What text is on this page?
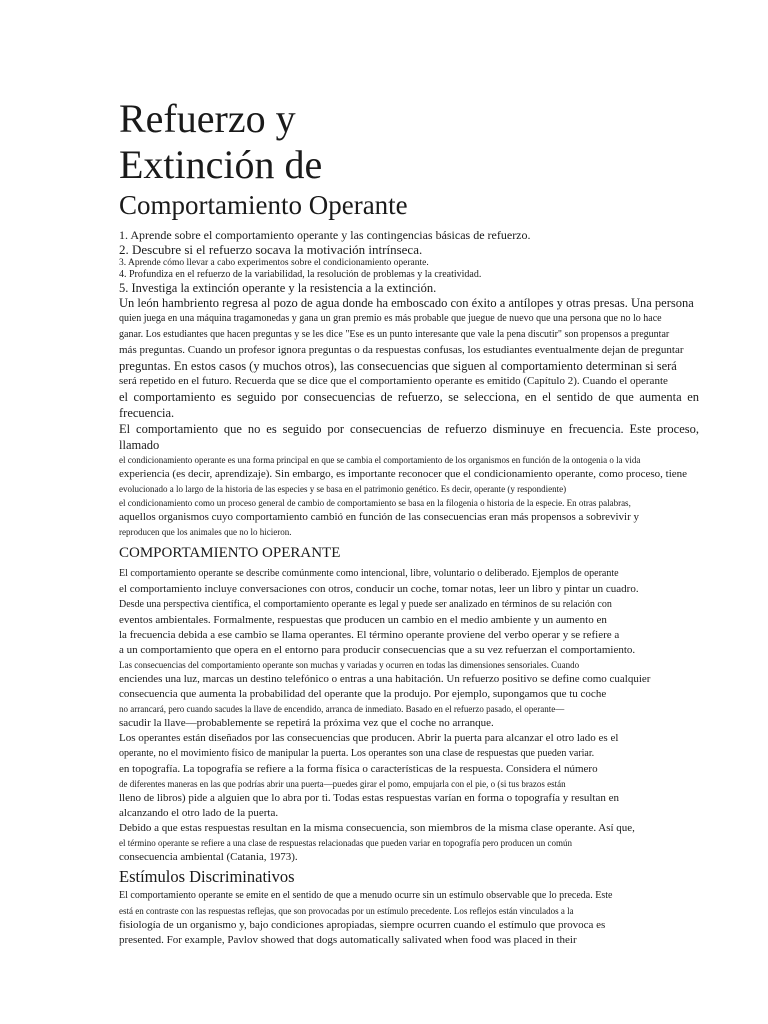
Refuerzo y
Extinción de
Comportamiento Operante

1. Aprende sobre el comportamiento operante y las contingencias básicas de refuerzo.

2. Descubre si el refuerzo socava la motivación intrínseca.

3. Aprende cómo llevar a cabo experimentos sobre el condicionamiento operante.

4. Profundiza en el refuerzo de la variabilidad, la resolución de problemas y la creatividad.

5. Investiga la extinción operante y la resistencia a la extinción.

Un león hambriento regresa al pozo de agua donde ha emboscado con éxito a antílopes y otras presas. Una persona

quien juega en una máquina tragamonedas y gana un gran premio es más probable que juegue de nuevo que una persona que no lo hace

ganar. Los estudiantes que hacen preguntas y se les dice "Ese es un punto interesante que vale la pena discutir" son propensos a preguntar

más preguntas. Cuando un profesor ignora preguntas o da respuestas confusas, los estudiantes eventualmente dejan de preguntar

preguntas. En estos casos (y muchos otros), las consecuencias que siguen al comportamiento determinan si será

será repetido en el futuro. Recuerda que se dice que el comportamiento operante es emitido (Capítulo 2). Cuando el operante

el comportamiento es seguido por consecuencias de refuerzo, se selecciona, en el sentido de que aumenta en frecuencia.

El comportamiento que no es seguido por consecuencias de refuerzo disminuye en frecuencia. Este proceso, llamado

el condicionamiento operante es una forma principal en que se cambia el comportamiento de los organismos en función de la ontogenia o la vida

experiencia (es decir, aprendizaje). Sin embargo, es importante reconocer que el condicionamiento operante, como proceso, tiene

evolucionado a lo largo de la historia de las especies y se basa en el patrimonio genético. Es decir, operante (y respondiente)

el condicionamiento como un proceso general de cambio de comportamiento se basa en la filogenia o historia de la especie. En otras palabras,

aquellos organismos cuyo comportamiento cambió en función de las consecuencias eran más propensos a sobrevivir y

reproducen que los animales que no lo hicieron.

COMPORTAMIENTO OPERANTE

El comportamiento operante se describe comúnmente como intencional, libre, voluntario o deliberado. Ejemplos de operante

el comportamiento incluye conversaciones con otros, conducir un coche, tomar notas, leer un libro y pintar un cuadro.

Desde una perspectiva científica, el comportamiento operante es legal y puede ser analizado en términos de su relación con

eventos ambientales. Formalmente, respuestas que producen un cambio en el medio ambiente y un aumento en

la frecuencia debida a ese cambio se llama operantes. El término operante proviene del verbo operar y se refiere a

a un comportamiento que opera en el entorno para producir consecuencias que a su vez refuerzan el comportamiento.

Las consecuencias del comportamiento operante son muchas y variadas y ocurren en todas las dimensiones sensoriales. Cuando

enciendes una luz, marcas un destino telefónico o entras a una habitación. Un refuerzo positivo se define como cualquier

consecuencia que aumenta la probabilidad del operante que la produjo. Por ejemplo, supongamos que tu coche

no arrancará, pero cuando sacudes la llave de encendido, arranca de inmediato. Basado en el refuerzo pasado, el operante—

sacudir la llave—probablemente se repetirá la próxima vez que el coche no arranque.

Los operantes están diseñados por las consecuencias que producen. Abrir la puerta para alcanzar el otro lado es el

operante, no el movimiento físico de manipular la puerta. Los operantes son una clase de respuestas que pueden variar.

en topografía. La topografía se refiere a la forma física o características de la respuesta. Considera el número

de diferentes maneras en las que podrías abrir una puerta—puedes girar el pomo, empujarla con el pie, o (si tus brazos están

lleno de libros) pide a alguien que lo abra por ti. Todas estas respuestas varían en forma o topografía y resultan en

alcanzando el otro lado de la puerta.

Debido a que estas respuestas resultan en la misma consecuencia, son miembros de la misma clase operante. Así que,

el término operante se refiere a una clase de respuestas relacionadas que pueden variar en topografía pero producen un común

consecuencia ambiental (Catania, 1973).

Estímulos Discriminativos

El comportamiento operante se emite en el sentido de que a menudo ocurre sin un estímulo observable que lo preceda. Este

está en contraste con las respuestas reflejas, que son provocadas por un estímulo precedente. Los reflejos están vinculados a la

fisiología de un organismo y, bajo condiciones apropiadas, siempre ocurren cuando el estímulo que provoca es

presented. For example, Pavlov showed that dogs automatically salivated when food was placed in their
